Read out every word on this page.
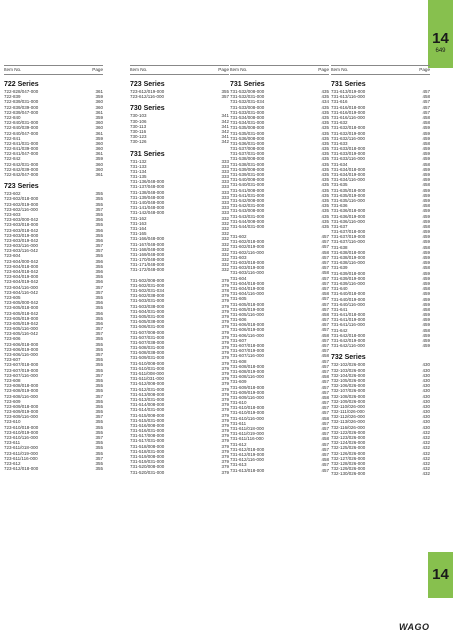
14
649
Item No.	Page
722 Series
722-828/047-000	361
722-839	359
722-839/031-000	360
722-839/039-000	360
722-839/047-000	361
722-840	359
722-840/031-000	360
722-840/039-000	360
722-840/047-000	361
722-841	359
722-841/031-000	360
722-841/039-000	360
722-841/047-000	361
722-842	359
722-842/031-000	360
722-842/039-000	360
722-842/047-000	361
723 Series
723-602	355
723-602/018-000	355
723-602/019-000	355
723-602/116-000	357
723-603	355
723-603/000-042	356
723-603/018-000	355
723-603/018-042	356
723-603/019-000	355
723-603/019-042	356
723-603/116-000	357
723-603/116-042	357
723-604	355
723-604/000-042	356
723-604/018-000	355
723-604/018-042	356
723-604/019-000	355
723-604/019-042	356
723-604/116-000	357
723-604/116-042	357
723-605	355
723-605/000-042	356
723-605/018-000	355
723-605/018-042	356
723-605/019-000	355
723-605/019-042	356
723-605/116-000	357
723-605/116-042	357
723-606	355
723-606/018-000	355
723-606/019-000	355
723-606/116-000	357
723-607	355
723-607/018-000	355
723-607/019-000	355
723-607/116-000	357
723-608	355
723-608/018-000	355
723-608/019-000	355
723-608/116-000	357
723-609	355
723-609/018-000	355
723-609/019-000	355
723-609/116-000	357
723-610	355
723-610/018-000	355
723-610/019-000	355
723-610/116-000	357
723-611	355
723-611/018-000	355
723-611/019-000	355
723-611/116-000	357
723-612	355
723-612/018-000	355
Item No.	Page
723 Series
723-612/019-000	355
723-612/116-000	357
730 Series
730-103	341
730-106	342
730-113	341
730-116	342
730-123	341
730-126	342
731 Series
731-132	333
731-133	333
731-134	333
731-135	333
731-136/048-000	333
731-137/048-000	333
731-138/048-000	333
731-139/048-000	333
731-140/048-000	333
731-141/048-000	333
731-142/048-000	333
731-162	332
731-163	332
731-164	332
731-165	332
731-166/048-000	332
731-167/048-000	332
731-168/048-000	332
731-169/048-000	332
731-170/048-000	332
731-171/048-000	332
731-172/048-000	332
731-502/008-000	379
731-502/031-000	379
731-502/031-034	378
731-502/038-000	379
731-503/031-000	379
731-503/038-000	379
731-504/031-000	379
731-505/031-000	379
731-505/038-000	379
731-506/031-000	379
731-507/008-000	379
731-507/031-000	379
731-507/038-000	379
731-508/031-000	379
731-508/038-000	379
731-509/031-000	379
731-510/008-000	379
731-510/031-000	379
731-511/008-000	379
731-511/031-000	379
731-512/008-000	379
731-512/031-000	379
731-513/008-000	379
731-513/031-000	379
731-514/008-000	379
731-514/031-000	379
731-515/008-000	379
731-515/031-000	379
731-516/008-000	379
731-516/031-000	379
731-517/008-000	379
731-517/031-000	379
731-518/008-000	379
731-518/031-000	379
731-519/008-000	379
731-519/031-000	379
731-520/008-000	379
731-520/031-000	379
Item No.	Page
731 Series
731-532/008-000	435
731-532/031-000	435
731-532/031-034	434
731-533/008-000	435
731-533/031-000	435
731-534/008-000	435
731-534/031-000	435
731-535/008-000	435
731-535/031-000	435
731-536/008-000	435
731-536/031-000	435
731-537/008-000	435
731-537/031-000	435
731-538/008-000	435
731-538/031-000	435
731-539/008-000	435
731-539/031-000	435
731-540/008-000	435
731-540/031-000	435
731-541/008-000	435
731-541/031-000	435
731-542/008-000	435
731-542/031-000	435
731-543/008-000	435
731-543/031-000	435
731-544/008-000	435
731-544/031-000	435
731-602	457
731-602/018-000	457
731-602/019-000	457
731-602/116-000	458
731-603	457
731-603/018-000	457
731-603/019-000	457
731-603/116-000	458
731-604	457
731-604/018-000	457
731-604/019-000	457
731-604/116-000	458
731-605	457
731-605/018-000	457
731-605/019-000	457
731-605/116-000	458
731-606	457
731-606/018-000	457
731-606/019-000	457
731-606/116-000	458
731-607	457
731-607/018-000	457
731-607/019-000	457
731-607/116-000	458
731-608	457
731-608/018-000	457
731-608/019-000	457
731-608/116-000	458
731-609	457
731-609/018-000	457
731-609/019-000	457
731-609/116-000	458
731-610	457
731-610/018-000	457
731-610/019-000	457
731-610/116-000	458
731-611	457
731-611/018-000	457
731-611/019-000	457
731-611/116-000	458
731-612	457
731-612/018-000	457
731-612/019-000	457
731-612/116-000	458
731-613	457
731-613/018-000	457
Item No.	Page
731 Series
731-613/019-000	457
731-613/116-000	458
731-616	457
731-616/018-000	457
731-616/019-000	457
731-616/116-000	458
731-632	458
731-632/018-000	459
731-632/019-000	459
731-632/116-000	459
731-633	458
731-633/018-000	459
731-633/019-000	459
731-633/116-000	459
731-634	458
731-634/018-000	459
731-634/019-000	459
731-634/116-000	459
731-635	458
731-635/018-000	459
731-635/019-000	459
731-635/116-000	459
731-636	458
731-636/018-000	459
731-636/019-000	459
731-636/116-000	459
731-637	458
731-637/018-000	459
731-637/019-000	459
731-637/116-000	459
731-638	458
731-638/018-000	459
731-638/019-000	459
731-638/116-000	459
731-639	458
731-639/018-000	459
731-639/019-000	459
731-639/116-000	459
731-640	458
731-640/018-000	459
731-640/019-000	459
731-640/116-000	459
731-641	458
731-641/018-000	459
731-641/019-000	459
731-641/116-000	459
731-642	458
731-642/018-000	459
731-642/019-000	459
731-642/116-000	459
732 Series
732-102/026-000	430
732-103/026-000	430
732-104/026-000	430
732-105/026-000	430
732-106/026-000	430
732-107/026-000	430
732-108/026-000	430
732-109/026-000	430
732-110/026-000	430
732-111/026-000	430
732-112/026-000	430
732-113/026-000	430
732-116/026-000	430
732-122/026-000	432
732-123/026-000	432
732-124/026-000	432
732-125/026-000	432
732-126/026-000	432
732-127/026-000	432
732-128/026-000	432
732-129/026-000	432
732-130/026-000	432
14
WAGO
